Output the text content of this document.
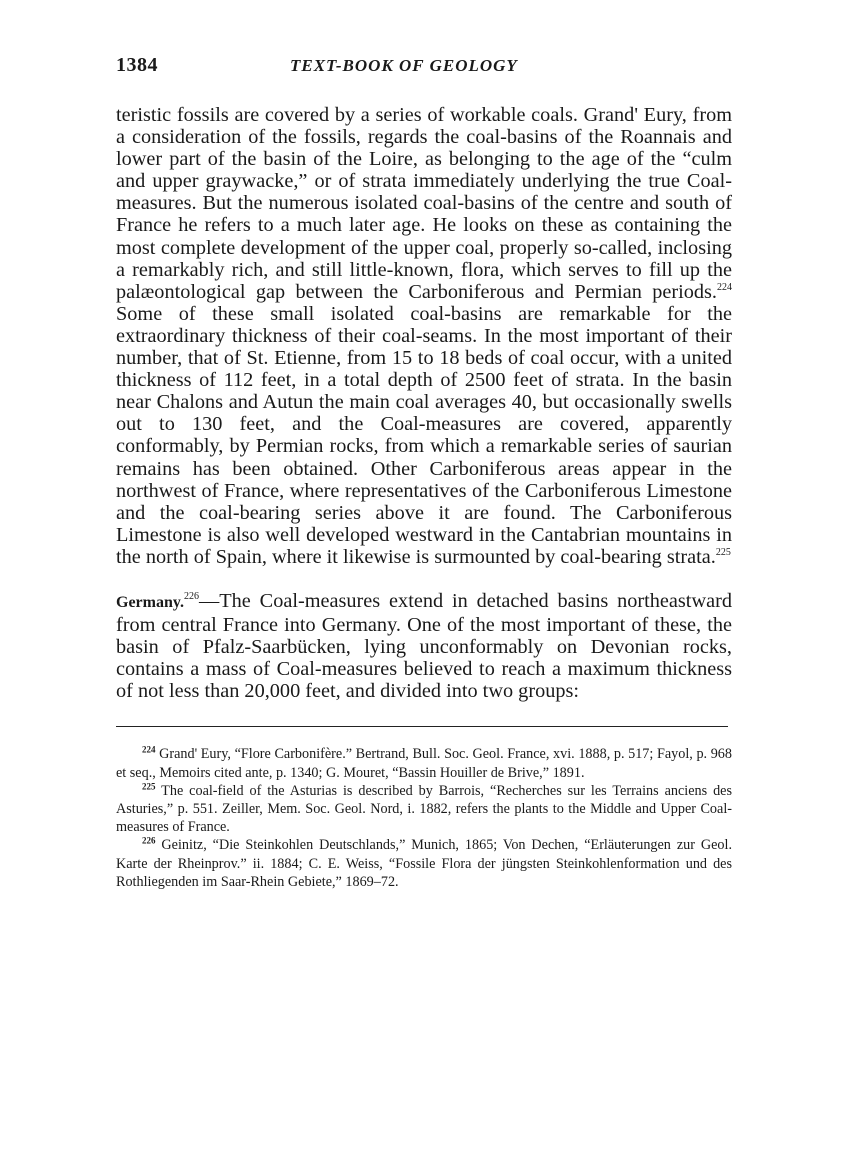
1384	TEXT-BOOK OF GEOLOGY

teristic fossils are covered by a series of workable coals. Grand' Eury, from a consideration of the fossils, regards the coal-basins of the Roannais and lower part of the basin of the Loire, as belonging to the age of the “culm and upper graywacke,” or of strata immediately underlying the true Coal-measures. But the numerous isolated coal-basins of the centre and south of France he refers to a much later age. He looks on these as containing the most complete development of the upper coal, properly so-called, inclosing a remarkably rich, and still little-known, flora, which serves to fill up the palæontological gap between the Carboniferous and Permian periods.$^{224}$ Some of these small isolated coal-basins are remarkable for the extraordinary thickness of their coal-seams. In the most important of their number, that of St. Etienne, from 15 to 18 beds of coal occur, with a united thickness of 112 feet, in a total depth of 2500 feet of strata. In the basin near Chalons and Autun the main coal averages 40, but occasionally swells out to 130 feet, and the Coal-measures are covered, apparently conformably, by Permian rocks, from which a remarkable series of saurian remains has been obtained. Other Carboniferous areas appear in the northwest of France, where representatives of the Carboniferous Limestone and the coal-bearing series above it are found. The Carboniferous Limestone is also well developed westward in the Cantabrian mountains in the north of Spain, where it likewise is surmounted by coal-bearing strata.$^{225}$

Germany.$^{226}$—The Coal-measures extend in detached basins northeastward from central France into Germany. One of the most important of these, the basin of Pfalz-Saarbücken, lying unconformably on Devonian rocks, contains a mass of Coal-measures believed to reach a maximum thickness of not less than 20,000 feet, and divided into two groups:

$^{224}$ Grand' Eury, “Flore Carbonifère.” Bertrand, Bull. Soc. Geol. France, xvi. 1888, p. 517; Fayol, p. 968 et seq., Memoirs cited ante, p. 1340; G. Mouret, “Bassin Houiller de Brive,” 1891.

$^{225}$ The coal-field of the Asturias is described by Barrois, “Recherches sur les Terrains anciens des Asturies,” p. 551. Zeiller, Mem. Soc. Geol. Nord, i. 1882, refers the plants to the Middle and Upper Coal-measures of France.

$^{226}$ Geinitz, “Die Steinkohlen Deutschlands,” Munich, 1865; Von Dechen, “Erläuterungen zur Geol. Karte der Rheinprov.” ii. 1884; C. E. Weiss, “Fossile Flora der jüngsten Steinkohlenformation und des Rothliegenden im Saar-Rhein Gebiete,” 1869–72.
